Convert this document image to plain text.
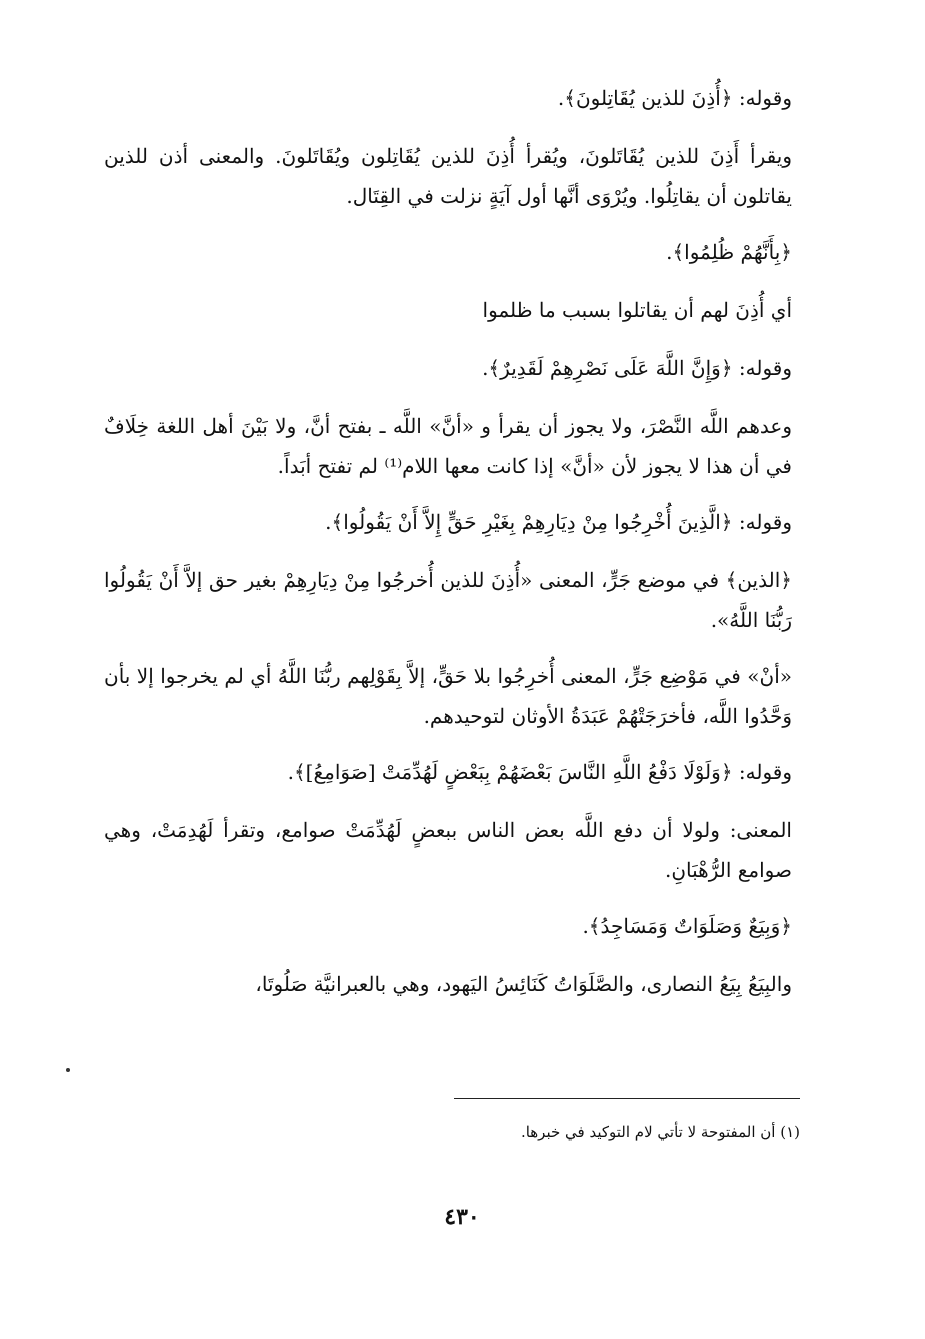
وقوله: ﴿أُذِنَ للذين يُقَاتِلونَ﴾.

ويقرأ أَذِنَ للذين يُقَاتَلونَ، ويُقرأ أُذِنَ للذين يُقَاتِلون ويُقَاتَلونَ. والمعنى أذن للذين يقاتلون أن يقاتِلُوا. ويُرْوَى أنَّها أول آيَةٍ نزلت في القِتَال.

﴿بِأَنَّهُمْ ظُلِمُوا﴾.

أي أُذِنَ لهم أن يقاتلوا بسبب ما ظلموا

وقوله: ﴿وَإِنَّ اللَّهَ عَلَى نَصْرِهِمْ لَقَدِيرٌ﴾.

وعدهم اللَّه النَّصْرَ، ولا يجوز أن يقرأ و «أنَّ» اللَّه ـ بفتح أنَّ، ولا بَيْنَ أهل اللغة خِلَافٌ في أن هذا لا يجوز لأن «أنَّ» إذا كانت معها اللام⁽¹⁾ لم تفتح أبَداً.

وقوله: ﴿الَّذِينَ أُخْرِجُوا مِنْ دِيَارِهِمْ بِغَيْرِ حَقٍّ إِلاَّ أَنْ يَقُولُوا﴾.

﴿الذين﴾ في موضع جَرٍّ، المعنى «أُذِنَ للذين أُخرجُوا مِنْ دِيَارِهِمْ بغير حق إلاَّ أَنْ يَقُولُوا رَبُّنَا اللَّهُ».

«أنْ» في مَوْضِع جَرٍّ، المعنى أُخرِجُوا بلا حَقٍّ، إلاَّ بِقَوْلِهم ربُّنَا اللَّهُ أي لم يخرجوا إلا بأن وَحَّدُوا اللَّه، فأخرَجَتْهُمْ عَبَدَةُ الأوثان لتوحيدهم.

وقوله: ﴿وَلَوْلَا دَفْعُ اللَّهِ النَّاسَ بَعْضَهُمْ بِبَعْضٍ لَهُدِّمَتْ [صَوَامِعُ]﴾.

المعنى: ولولا أن دفع اللَّه بعض الناس ببعضٍ لَهُدِّمَتْ صوامع، وتقرأ لَهُدِمَتْ، وهي صوامع الرُّهْبَانِ.

﴿وَبِيَعٌ وَصَلَوَاتٌ وَمَسَاجِدُ﴾.

والبِيَعُ بِيَعُ النصارى، والصَّلَوَاتُ كَنَائِسُ اليَهود، وهي بالعبرانيَّة صَلُوتَا،

(١) أن المفتوحة لا تأتي لام التوكيد في خبرها.
٤٣٠
